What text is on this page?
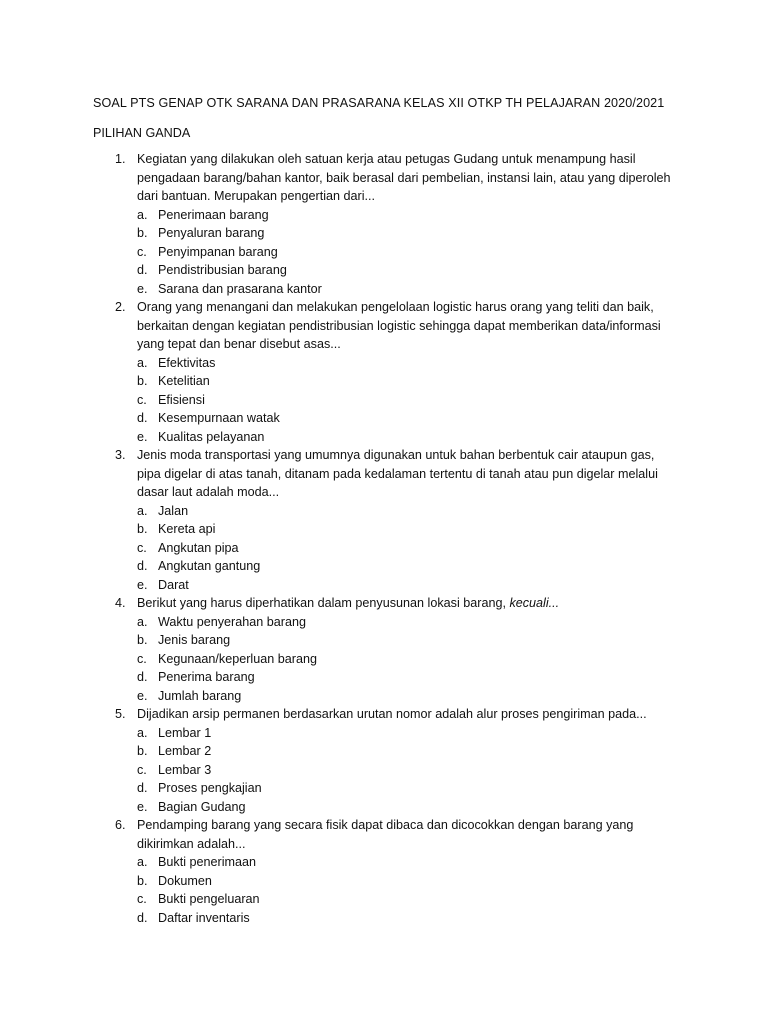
SOAL PTS GENAP OTK SARANA DAN PRASARANA KELAS XII OTKP TH PELAJARAN 2020/2021
PILIHAN GANDA
1. Kegiatan yang dilakukan oleh satuan kerja atau petugas Gudang untuk menampung hasil
pengadaan barang/bahan kantor, baik berasal dari pembelian, instansi lain, atau yang diperoleh
dari bantuan. Merupakan pengertian dari...
a. Penerimaan barang
b. Penyaluran barang
c. Penyimpanan barang
d. Pendistribusian barang
e. Sarana dan prasarana kantor
2. Orang yang menangani dan melakukan pengelolaan logistic harus orang yang teliti dan baik,
berkaitan dengan kegiatan pendistribusian logistic sehingga dapat memberikan data/informasi
yang tepat dan benar disebut asas...
a. Efektivitas
b. Ketelitian
c. Efisiensi
d. Kesempurnaan watak
e. Kualitas pelayanan
3. Jenis moda transportasi yang umumnya digunakan untuk bahan berbentuk cair ataupun gas,
pipa digelar di atas tanah, ditanam pada kedalaman tertentu di tanah atau pun digelar melalui
dasar laut adalah moda...
a. Jalan
b. Kereta api
c. Angkutan pipa
d. Angkutan gantung
e. Darat
4. Berikut yang harus diperhatikan dalam penyusunan lokasi barang, kecuali...
a. Waktu penyerahan barang
b. Jenis barang
c. Kegunaan/keperluan barang
d. Penerima barang
e. Jumlah barang
5. Dijadikan arsip permanen berdasarkan urutan nomor adalah alur proses pengiriman pada...
a. Lembar 1
b. Lembar 2
c. Lembar 3
d. Proses pengkajian
e. Bagian Gudang
6. Pendamping barang yang secara fisik dapat dibaca dan dicocokkan dengan barang yang
dikirimkan adalah...
a. Bukti penerimaan
b. Dokumen
c. Bukti pengeluaran
d. Daftar inventaris
